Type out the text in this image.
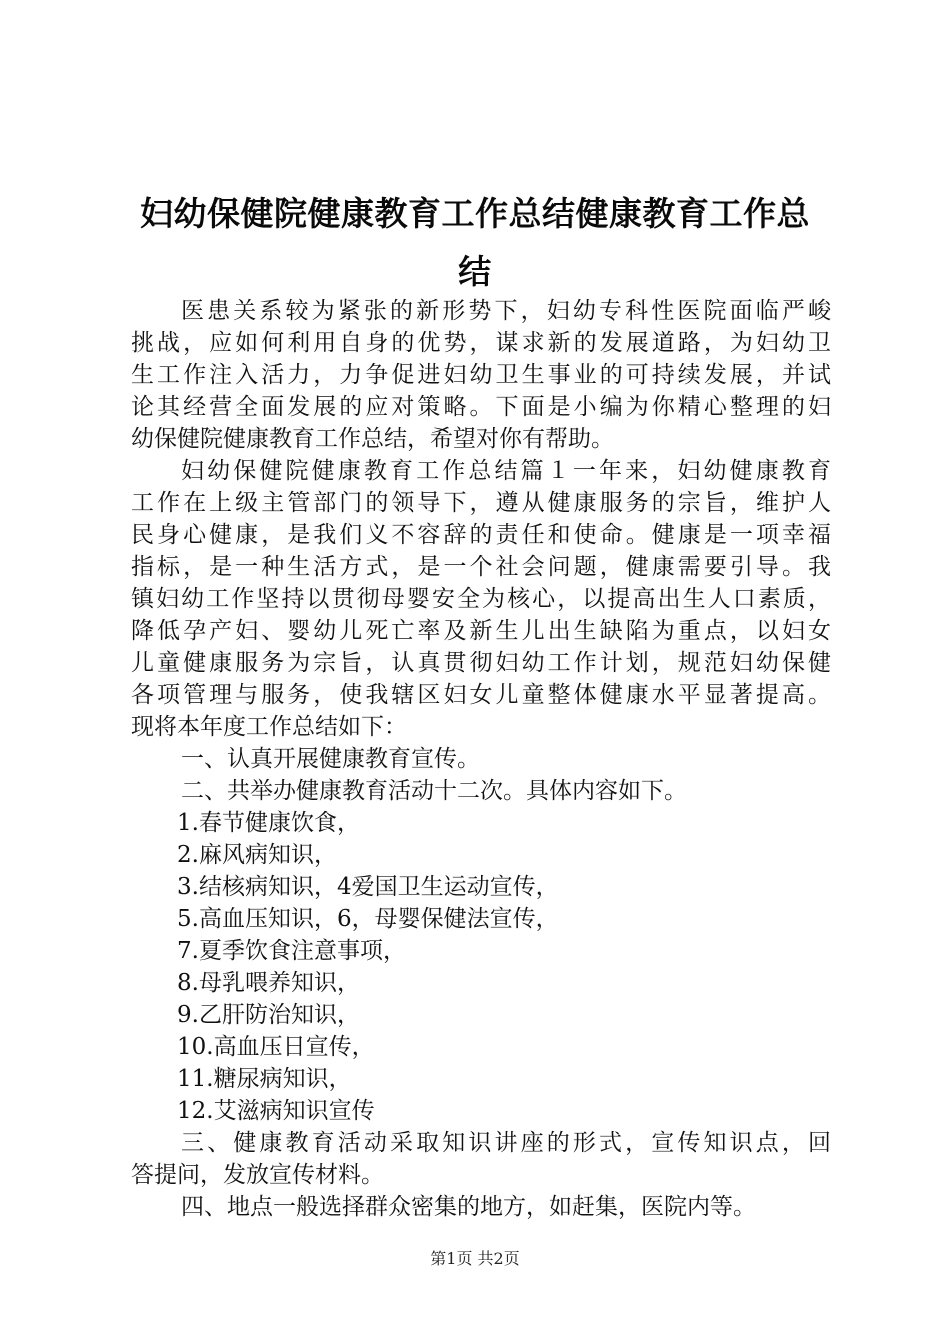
妇幼保健院健康教育工作总结健康教育工作总
结
医患关系较为紧张的新形势下，妇幼专科性医院面临严峻
挑战，应如何利用自身的优势，谋求新的发展道路，为妇幼卫
生工作注入活力，力争促进妇幼卫生事业的可持续发展，并试
论其经营全面发展的应对策略。下面是小编为你精心整理的妇
幼保健院健康教育工作总结，希望对你有帮助。
妇幼保健院健康教育工作总结篇１一年来，妇幼健康教育
工作在上级主管部门的领导下，遵从健康服务的宗旨，维护人
民身心健康，是我们义不容辞的责任和使命。健康是一项幸福
指标，是一种生活方式，是一个社会问题，健康需要引导。我
镇妇幼工作坚持以贯彻母婴安全为核心，以提高出生人口素质，
降低孕产妇、婴幼儿死亡率及新生儿出生缺陷为重点，以妇女
儿童健康服务为宗旨，认真贯彻妇幼工作计划，规范妇幼保健
各项管理与服务，使我辖区妇女儿童整体健康水平显著提高。
现将本年度工作总结如下：
一、认真开展健康教育宣传。
二、共举办健康教育活动十二次。具体内容如下。
1.春节健康饮食，
2.麻风病知识，
3.结核病知识，4爱国卫生运动宣传，
5.高血压知识，6，母婴保健法宣传，
7.夏季饮食注意事项，
8.母乳喂养知识，
9.乙肝防治知识，
10.高血压日宣传，
11.糖尿病知识，
12.艾滋病知识宣传
三、健康教育活动采取知识讲座的形式，宣传知识点，回
答提问，发放宣传材料。
四、地点一般选择群众密集的地方，如赶集，医院内等。
第1页 共2页
